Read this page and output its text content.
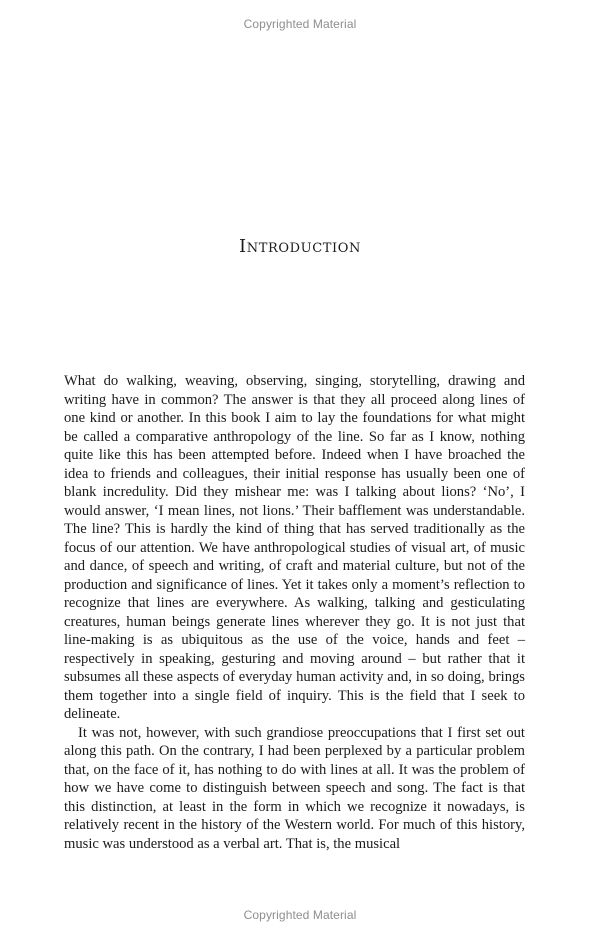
Copyrighted Material
Introduction

What do walking, weaving, observing, singing, storytelling, drawing and writing have in common? The answer is that they all proceed along lines of one kind or another. In this book I aim to lay the foundations for what might be called a comparative anthropology of the line. So far as I know, nothing quite like this has been attempted before. Indeed when I have broached the idea to friends and colleagues, their initial response has usually been one of blank incredulity. Did they mishear me: was I talking about lions? ‘No’, I would answer, ‘I mean lines, not lions.’ Their bafflement was understandable. The line? This is hardly the kind of thing that has served traditionally as the focus of our attention. We have anthropological studies of visual art, of music and dance, of speech and writing, of craft and material culture, but not of the production and significance of lines. Yet it takes only a moment’s reflection to recognize that lines are everywhere. As walking, talking and gesticulating creatures, human beings generate lines wherever they go. It is not just that line-making is as ubiquitous as the use of the voice, hands and feet – respectively in speaking, gesturing and moving around – but rather that it subsumes all these aspects of everyday human activity and, in so doing, brings them together into a single field of inquiry. This is the field that I seek to delineate.

It was not, however, with such grandiose preoccupations that I first set out along this path. On the contrary, I had been perplexed by a particular problem that, on the face of it, has nothing to do with lines at all. It was the problem of how we have come to distinguish between speech and song. The fact is that this distinction, at least in the form in which we recognize it nowadays, is relatively recent in the history of the Western world. For much of this history, music was understood as a verbal art. That is, the musical

Copyrighted Material
